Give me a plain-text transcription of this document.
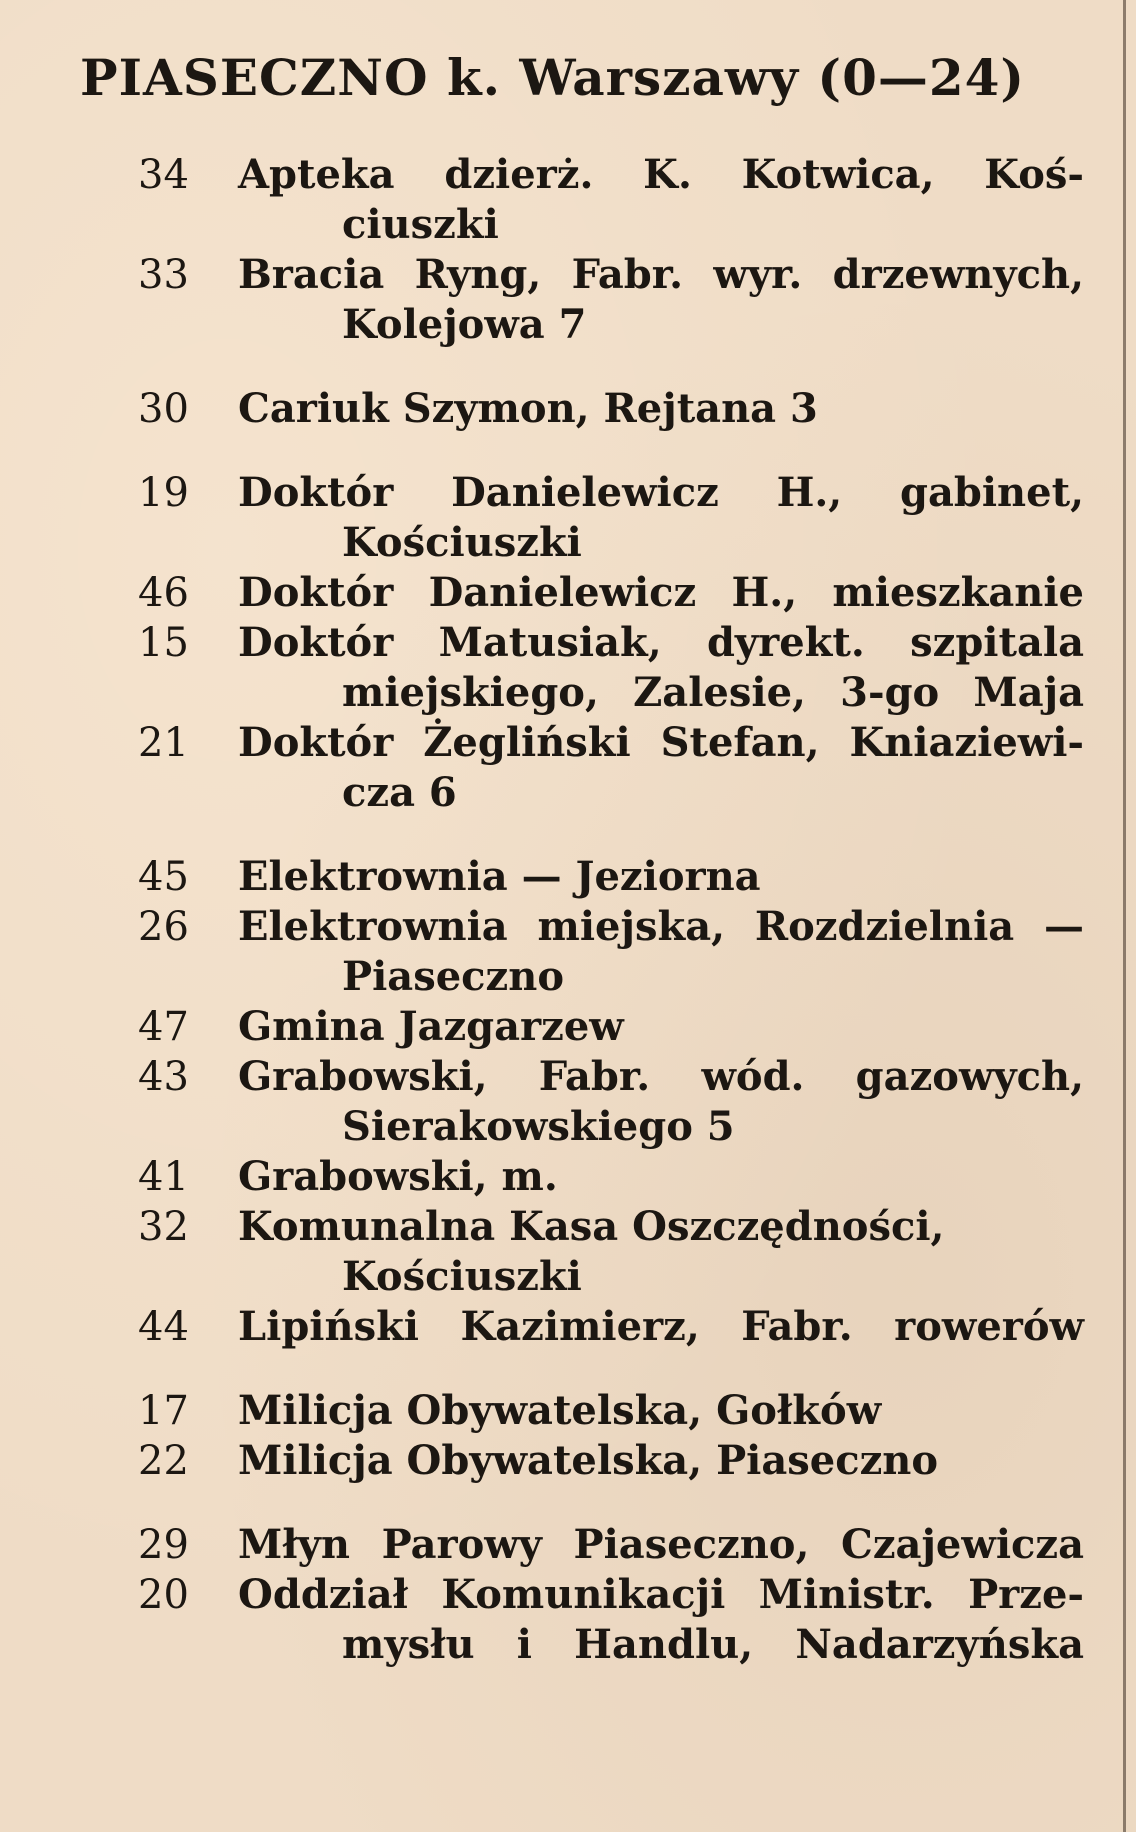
PIASECZNO k. Warszawy (0—24)
34	Apteka dzierż. K. Kotwica, Koś-
ciuszki
33	Bracia Ryng, Fabr. wyr. drzewnych,
Kolejowa 7
30	Cariuk Szymon, Rejtana 3
19	Doktór Danielewicz H., gabinet,
Kościuszki
46	Doktór Danielewicz H., mieszkanie
15	Doktór Matusiak, dyrekt. szpitala
miejskiego, Zalesie, 3-go Maja
21	Doktór Żegliński Stefan, Kniaziewi-
cza 6
45	Elektrownia — Jeziorna
26	Elektrownia miejska, Rozdzielnia —
Piaseczno
47	Gmina Jazgarzew
43	Grabowski, Fabr. wód. gazowych,
Sierakowskiego 5
41	Grabowski, m.
32	Komunalna Kasa Oszczędności,
Kościuszki
44	Lipiński Kazimierz, Fabr. rowerów
17	Milicja Obywatelska, Gołków
22	Milicja Obywatelska, Piaseczno
29	Młyn Parowy Piaseczno, Czajewicza
20	Oddział Komunikacji Ministr. Prze-
mysłu i Handlu, Nadarzyńska
